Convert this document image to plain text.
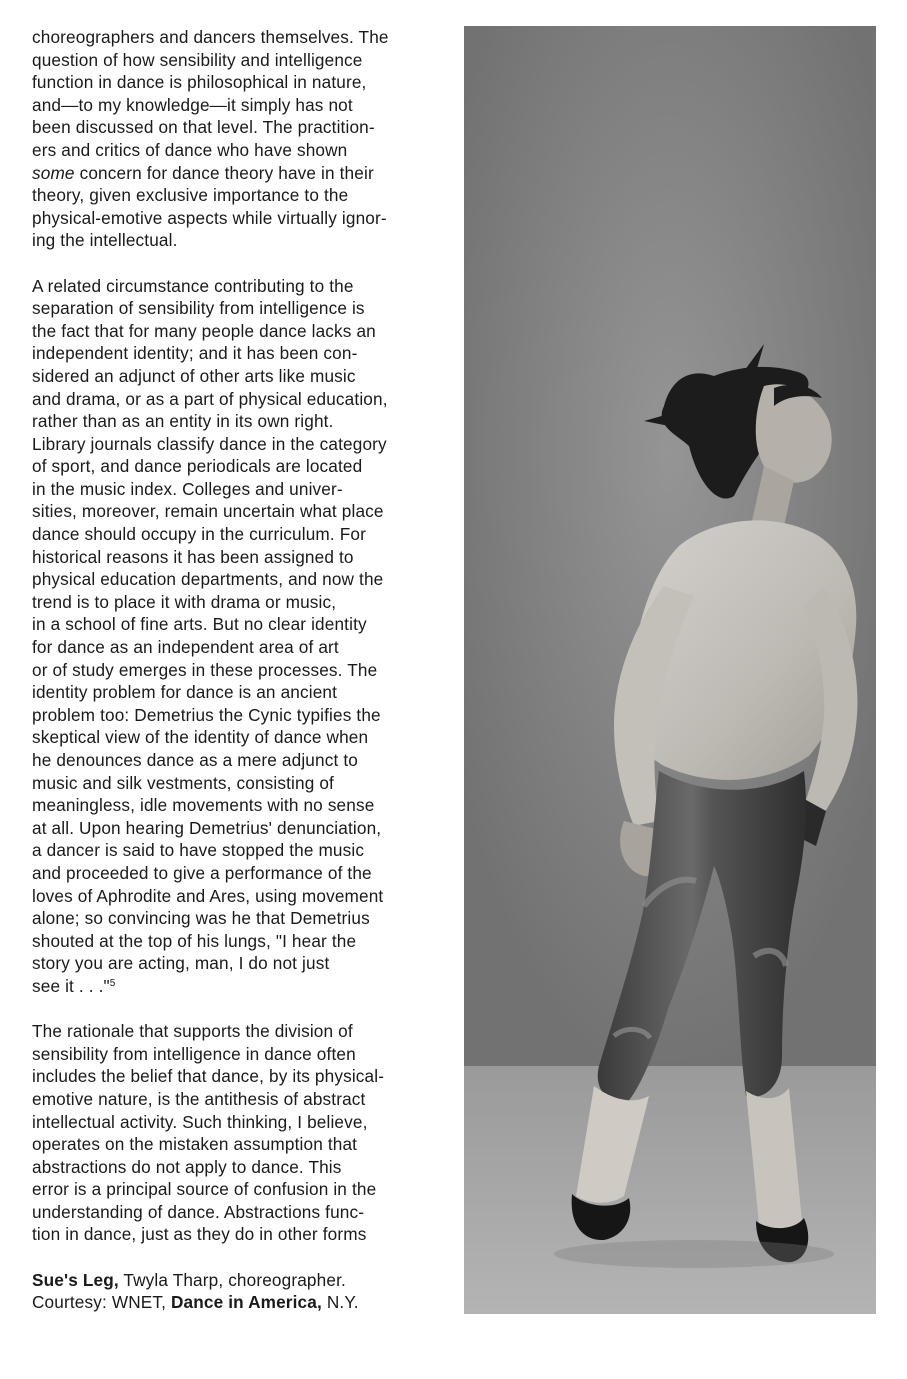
choreographers and dancers themselves. The
question of how sensibility and intelligence
function in dance is philosophical in nature,
and—to my knowledge—it simply has not
been discussed on that level. The practition-
ers and critics of dance who have shown
some concern for dance theory have in their
theory, given exclusive importance to the
physical-emotive aspects while virtually ignor-
ing the intellectual.
A related circumstance contributing to the
separation of sensibility from intelligence is
the fact that for many people dance lacks an
independent identity; and it has been con-
sidered an adjunct of other arts like music
and drama, or as a part of physical education,
rather than as an entity in its own right.
Library journals classify dance in the category
of sport, and dance periodicals are located
in the music index. Colleges and univer-
sities, moreover, remain uncertain what place
dance should occupy in the curriculum. For
historical reasons it has been assigned to
physical education departments, and now the
trend is to place it with drama or music,
in a school of fine arts. But no clear identity
for dance as an independent area of art
or of study emerges in these processes. The
identity problem for dance is an ancient
problem too: Demetrius the Cynic typifies the
skeptical view of the identity of dance when
he denounces dance as a mere adjunct to
music and silk vestments, consisting of
meaningless, idle movements with no sense
at all. Upon hearing Demetrius' denunciation,
a dancer is said to have stopped the music
and proceeded to give a performance of the
loves of Aphrodite and Ares, using movement
alone; so convincing was he that Demetrius
shouted at the top of his lungs, "I hear the
story you are acting, man, I do not just
see it . . ."$^5$
The rationale that supports the division of
sensibility from intelligence in dance often
includes the belief that dance, by its physical-
emotive nature, is the antithesis of abstract
intellectual activity. Such thinking, I believe,
operates on the mistaken assumption that
abstractions do not apply to dance. This
error is a principal source of confusion in the
understanding of dance. Abstractions func-
tion in dance, just as they do in other forms
Sue's Leg, Twyla Tharp, choreographer.
Courtesy: WNET, Dance in America, N.Y.
